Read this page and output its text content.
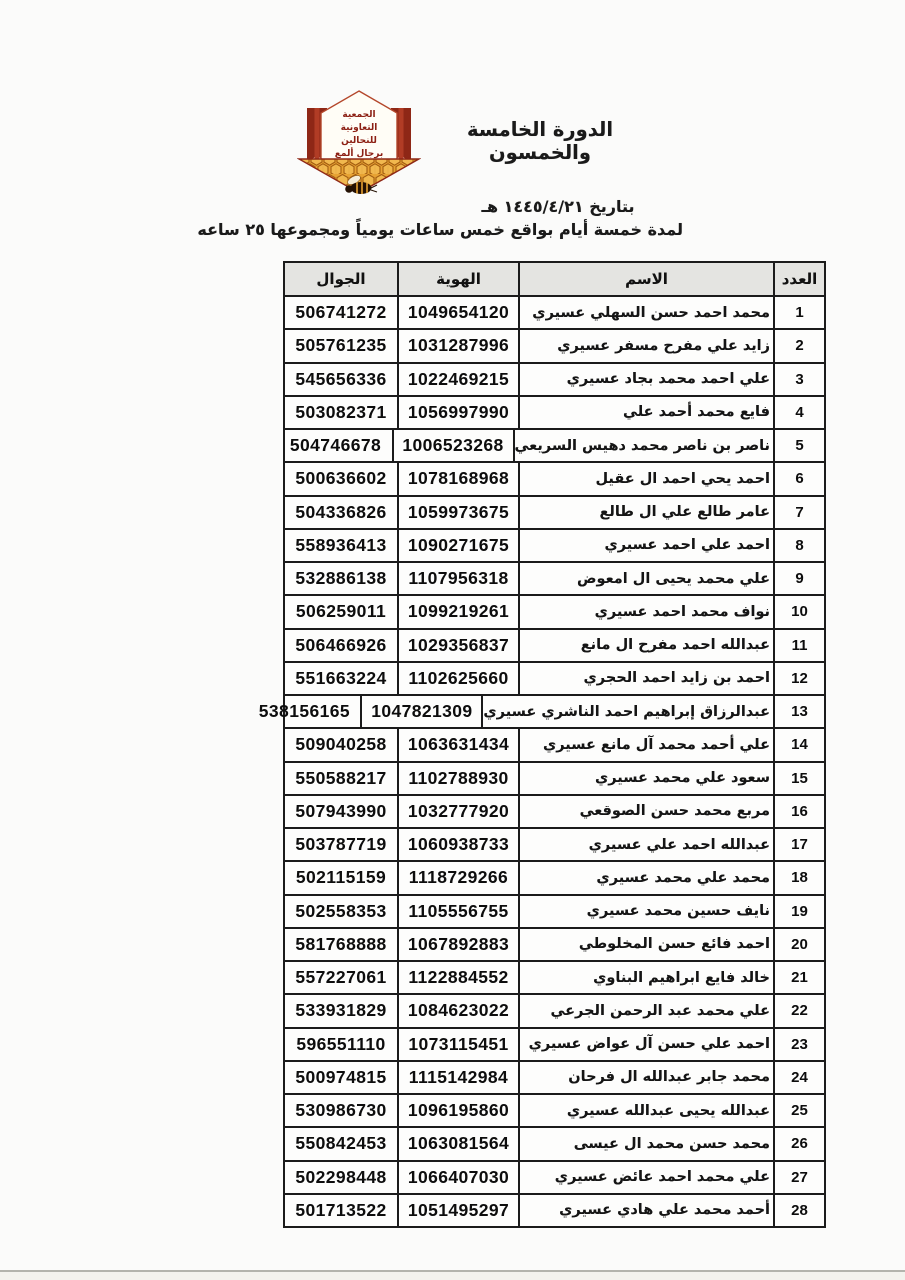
الجمعية
التعاونية
للنحالين
برجال ألمع
الدورة الخامسة والخمسون
بتاريخ ١٤٤٥/٤/٢١ هـ
لمدة خمسة أيام بواقع خمس ساعات يومياً ومجموعها ٢٥ ساعه
العدد
الاسم
الهوية
الجوال
1
محمد احمد حسن السهلي عسيري
1049654120
506741272
2
زايد علي مفرح مسفر عسيري
1031287996
505761235
3
علي احمد محمد بجاد عسيري
1022469215
545656336
4
فايع محمد أحمد علي
1056997990
503082371
5
ناصر بن ناصر محمد دهيس السريعي
1006523268
504746678
6
احمد يحي احمد ال عقيل
1078168968
500636602
7
عامر طالع علي ال طالع
1059973675
504336826
8
احمد علي احمد عسيري
1090271675
558936413
9
علي محمد يحيى ال امعوض
1107956318
532886138
10
نواف محمد احمد عسيري
1099219261
506259011
11
عبدالله احمد مفرح ال مانع
1029356837
506466926
12
احمد بن زايد احمد الحجري
1102625660
551663224
13
عبدالرزاق إبراهيم احمد الناشري عسيري
1047821309
538156165
14
علي أحمد محمد آل مانع عسيري
1063631434
509040258
15
سعود علي محمد عسيري
1102788930
550588217
16
مربع محمد حسن الصوقعي
1032777920
507943990
17
عبدالله احمد علي عسيري
1060938733
503787719
18
محمد علي محمد عسيري
1118729266
502115159
19
نايف حسين محمد عسيري
1105556755
502558353
20
احمد فائع حسن المخلوطي
1067892883
581768888
21
خالد فايع ابراهيم البناوي
1122884552
557227061
22
علي محمد عبد الرحمن الجرعي
1084623022
533931829
23
احمد علي حسن آل عواض عسيري
1073115451
596551110
24
محمد جابر عبدالله ال فرحان
1115142984
500974815
25
عبدالله يحيى عبدالله عسيري
1096195860
530986730
26
محمد حسن محمد ال عيسى
1063081564
550842453
27
علي محمد احمد عائض عسيري
1066407030
502298448
28
أحمد محمد علي هادي عسيري
1051495297
501713522
